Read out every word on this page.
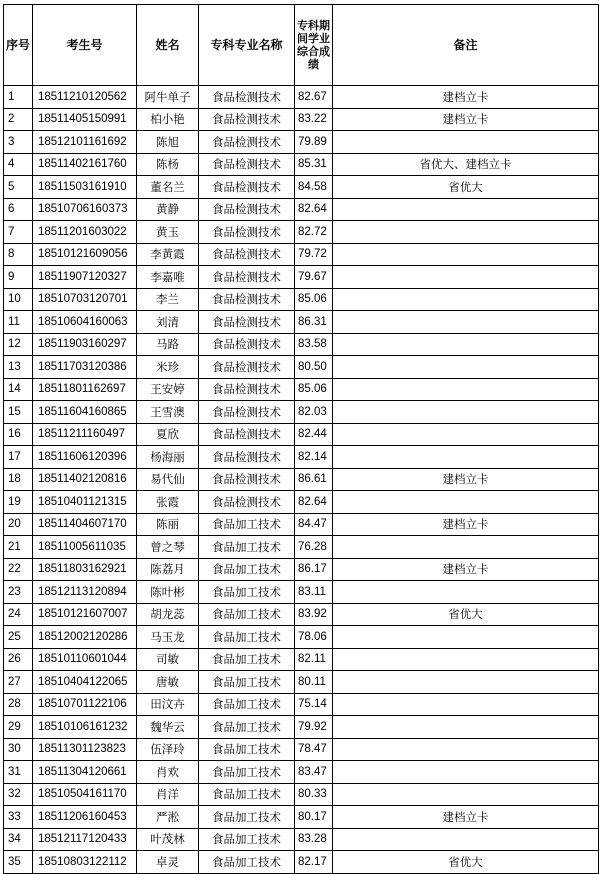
序号	考生号	姓名	专科专业名称	专科期间学业综合成绩	备注
1	18511210120562	阿牛单子	食品检测技术	82.67	建档立卡
2	18511405150991	柏小艳	食品检测技术	83.22	建档立卡
3	18512101161692	陈旭	食品检测技术	79.89	
4	18511402161760	陈杨	食品检测技术	85.31	省优大、建档立卡
5	18511503161910	董名兰	食品检测技术	84.58	省优大
6	18510706160373	黄静	食品检测技术	82.64	
7	18511201603022	黄玉	食品检测技术	82.72	
8	18510121609056	李黄霞	食品检测技术	79.72	
9	18511907120327	李嘉唯	食品检测技术	79.67	
10	18510703120701	李兰	食品检测技术	85.06	
11	18510604160063	刘清	食品检测技术	86.31	
12	18511903160297	马路	食品检测技术	83.58	
13	18511703120386	米珍	食品检测技术	80.50	
14	18511801162697	王安婷	食品检测技术	85.06	
15	18511604160865	王雪澳	食品检测技术	82.03	
16	18511211160497	夏欣	食品检测技术	82.44	
17	18511606120396	杨海丽	食品检测技术	82.14	
18	18511402120816	易代仙	食品检测技术	86.61	建档立卡
19	18510401121315	张霞	食品检测技术	82.64	
20	18511404607170	陈丽	食品加工技术	84.47	建档立卡
21	18511005611035	曾之琴	食品加工技术	76.28	
22	18511803162921	陈荔月	食品加工技术	86.17	建档立卡
23	18512113120894	陈叶彬	食品加工技术	83.11	
24	18510121607007	胡龙蕊	食品加工技术	83.92	省优大
25	18512002120286	马玉龙	食品加工技术	78.06	
26	18510110601044	司敏	食品加工技术	82.11	
27	18510404122065	唐敏	食品加工技术	80.11	
28	18510701122106	田汶卉	食品加工技术	75.14	
29	18510106161232	魏华云	食品加工技术	79.92	
30	18511301123823	伍泽玲	食品加工技术	78.47	
31	18511304120661	肖欢	食品加工技术	83.47	
32	18510504161170	肖洋	食品加工技术	80.33	
33	18511206160453	严淞	食品加工技术	80.17	建档立卡
34	18512117120433	叶茂林	食品加工技术	83.28	
35	18510803122112	卓灵	食品加工技术	82.17	省优大
